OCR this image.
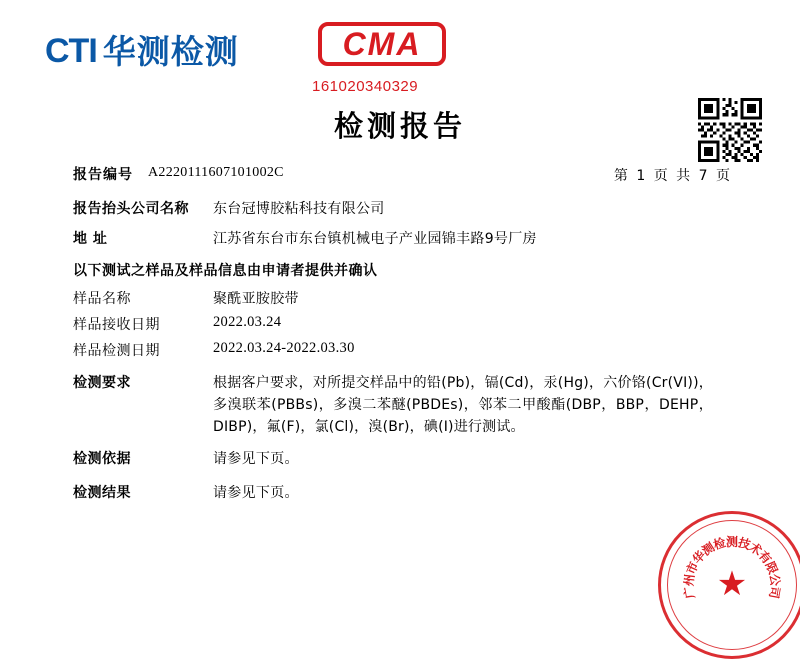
CTI 华测检测	CMA
161020340329
检测报告
报告编号 A2220111607101002C	第 1 页 共 7 页
报告抬头公司名称 东台冠博胶粘科技有限公司
地 址	江苏省东台市东台镇机械电子产业园锦丰路9号厂房
以下测试之样品及样品信息由申请者提供并确认
样品名称	聚酰亚胺胶带
样品接收日期	2022.03.24
样品检测日期	2022.03.24-2022.03.30
检测要求	根据客户要求，对所提交样品中的铅(Pb)，镉(Cd)，汞(Hg)，六价铬(Cr(VI))，多溴联苯(PBBs)，多溴二苯醚(PBDEs)，邻苯二甲酸酯(DBP，BBP，DEHP，DIBP)，氟(F)，氯(Cl)，溴(Br)，碘(I)进行测试。
检测依据	请参见下页。
检测结果	请参见下页。
★
广
州
市
华
测
检
测
技
术
有
限
公
司
